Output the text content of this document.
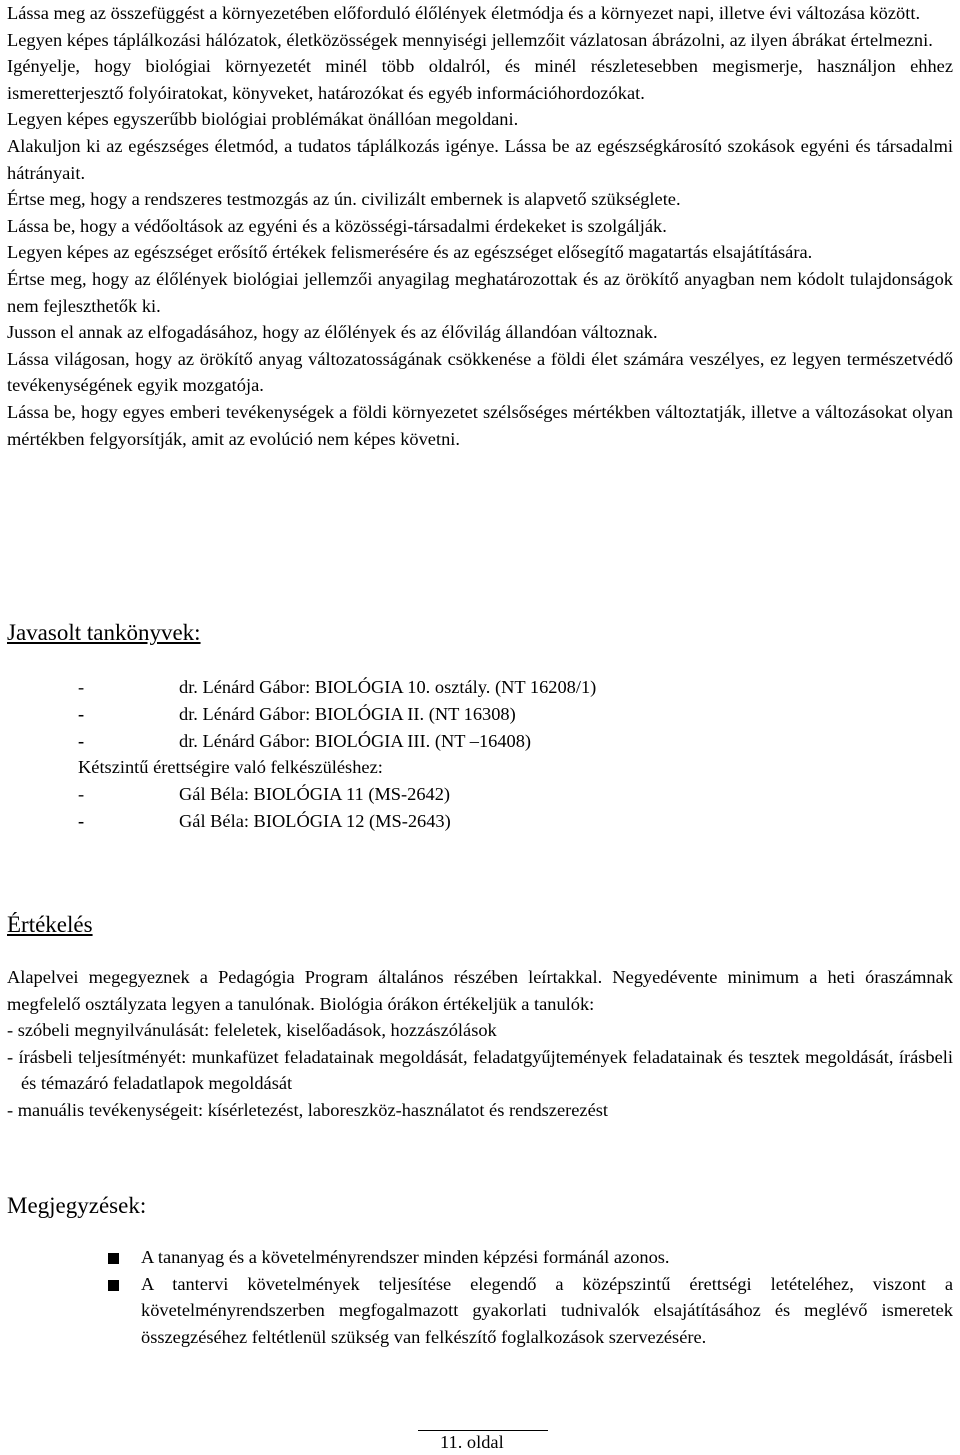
Lássa meg az összefüggést a környezetében előforduló élőlények életmódja és a környezet napi, illetve évi változása között.

Legyen képes táplálkozási hálózatok, életközösségek mennyiségi jellemzőit vázlatosan ábrázolni, az ilyen ábrákat értelmezni.

Igényelje, hogy biológiai környezetét minél több oldalról, és minél részletesebben megismerje, használjon ehhez ismeretterjesztő folyóiratokat, könyveket, határozókat és egyéb információhordozókat.

Legyen képes egyszerűbb biológiai problémákat önállóan megoldani.

Alakuljon ki az egészséges életmód, a tudatos táplálkozás igénye. Lássa be az egészségkárosító szokások egyéni és társadalmi hátrányait.

Értse meg, hogy a rendszeres testmozgás az ún. civilizált embernek is alapvető szükséglete.

Lássa be, hogy a védőoltások az egyéni és a közösségi-társadalmi érdekeket is szolgálják.

Legyen képes az egészséget erősítő értékek felismerésére és az egészséget elősegítő magatartás elsajátítására.

Értse meg, hogy az élőlények biológiai jellemzői anyagilag meghatározottak és az örökítő anyagban nem kódolt tulajdonságok nem fejleszthetők ki.

Jusson el annak az elfogadásához, hogy az élőlények és az élővilág állandóan változnak.

Lássa világosan, hogy az örökítő anyag változatosságának csökkenése a földi élet számára veszélyes, ez legyen természetvédő tevékenységének egyik mozgatója.

Lássa be, hogy egyes emberi tevékenységek a földi környezetet szélsőséges mértékben változtatják, illetve a változásokat olyan mértékben felgyorsítják, amit az evolúció nem képes követni.

Javasolt tankönyvek:
-	dr. Lénárd Gábor: BIOLÓGIA 10. osztály. (NT 16208/1)
-	dr. Lénárd Gábor: BIOLÓGIA II. (NT 16308)
-	dr. Lénárd Gábor: BIOLÓGIA III. (NT –16408)
Kétszintű érettségire való felkészüléshez:
-	Gál Béla: BIOLÓGIA 11 (MS-2642)
-	Gál Béla: BIOLÓGIA 12 (MS-2643)
Értékelés

Alapelvei megegyeznek a Pedagógia Program általános részében leírtakkal. Negyedévente minimum a heti óraszámnak megfelelő osztályzata legyen a tanulónak. Biológia órákon értékeljük a tanulók:

- szóbeli megnyilvánulását: feleletek, kiselőadások, hozzászólások

- írásbeli teljesítményét: munkafüzet feladatainak megoldását, feladatgyűjtemények feladatainak és tesztek megoldását, írásbeli és témazáró feladatlapok megoldását

- manuális tevékenységeit: kísérletezést, laboreszköz-használatot és rendszerezést

Megjegyzések:

A tananyag és a követelményrendszer minden képzési formánál azonos.

A tantervi követelmények teljesítése elegendő a középszintű érettségi letételéhez, viszont a követelményrendszerben megfogalmazott gyakorlati tudnivalók elsajátításához és meglévő ismeretek összegzéséhez feltétlenül szükség van felkészítő foglalkozások szervezésére.

11. oldal
